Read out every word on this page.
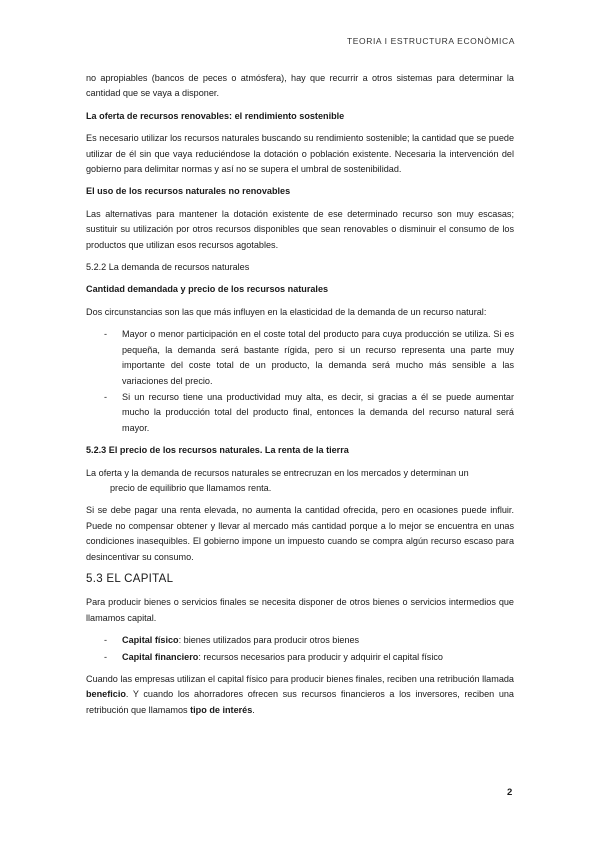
TEORIA I ESTRUCTURA ECONÒMICA

no apropiables (bancos de peces o atmósfera), hay que recurrir a otros sistemas para determinar la cantidad que se vaya a disponer.

La oferta de recursos renovables: el rendimiento sostenible

Es necesario utilizar los recursos naturales buscando su rendimiento sostenible; la cantidad que se puede utilizar de él sin que vaya reduciéndose la dotación o población existente. Necesaria la intervención del gobierno para delimitar normas y así no se supera el umbral de sostenibilidad.

El uso de los recursos naturales no renovables

Las alternativas para mantener la dotación existente de ese determinado recurso son muy escasas; sustituir su utilización por otros recursos disponibles que sean renovables o disminuir el consumo de los productos que utilizan esos recursos agotables.

5.2.2 La demanda de recursos naturales

Cantidad demandada y precio de los recursos naturales

Dos circunstancias son las que más influyen en la elasticidad de la demanda de un recurso natural:

- Mayor o menor participación en el coste total del producto para cuya producción se utiliza. Si es pequeña, la demanda será bastante rígida, pero si un recurso representa una parte muy importante del coste total de un producto, la demanda será mucho más sensible a las variaciones del precio.
- Si un recurso tiene una productividad muy alta, es decir, si gracias a él se puede aumentar mucho la producción total del producto final, entonces la demanda del recurso natural será mayor.
5.2.3 El precio de los recursos naturales. La renta de la tierra

La oferta y la demanda de recursos naturales se entrecruzan en los mercados y determinan un

precio de equilibrio que llamamos renta.

Si se debe pagar una renta elevada, no aumenta la cantidad ofrecida, pero en ocasiones puede influir. Puede no compensar obtener y llevar al mercado más cantidad porque a lo mejor se encuentra en unas condiciones inasequibles. El gobierno impone un impuesto cuando se compra algún recurso escaso para desincentivar su consumo.

5.3 EL CAPITAL

Para producir bienes o servicios finales se necesita disponer de otros bienes o servicios intermedios que llamamos capital.

- Capital físico: bienes utilizados para producir otros bienes
- Capital financiero: recursos necesarios para producir y adquirir el capital físico

Cuando las empresas utilizan el capital físico para producir bienes finales, reciben una retribución llamada beneficio. Y cuando los ahorradores ofrecen sus recursos financieros a los inversores, reciben una retribución que llamamos tipo de interés.

2
